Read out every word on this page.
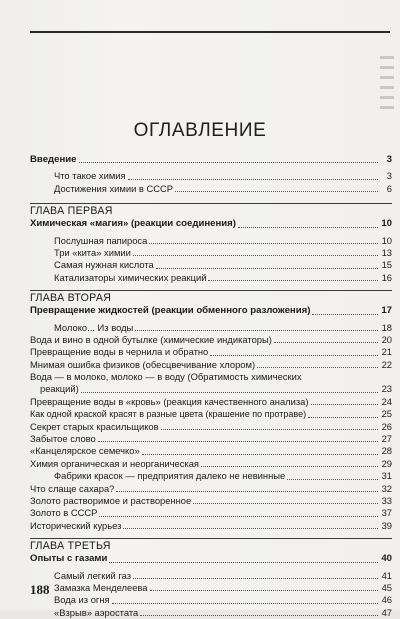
ОГЛАВЛЕНИЕ
Введение	3
Что такое химия	3
Достижения химии в СССР	6
ГЛАВА ПЕРВАЯ
Химическая «магия» (реакции соединения)	10
Послушная папироса	10
Три «кита» химии	13
Самая нужная кислота	15
Катализаторы химических реакций	16
ГЛАВА ВТОРАЯ
Превращение жидкостей (реакции обменного разложения)	17
Молоко... Из воды	18
Вода и вино в одной бутылке (химические индикаторы)	20
Превращение воды в чернила и обратно	21
Мнимая ошибка физиков (обесцвечивание хлором)	22
Вода — в молоко, молоко — в воду (Обратимость химических
реакций)	23
Превращение воды в «кровь» (реакция качественного анализа)	24
Как одной краской красят в разные цвета (крашение по протраве)	25
Секрет старых красильщиков	26
Забытое слово	27
«Канцелярское семечко»	28
Химия органическая и неорганическая	29
Фабрики красок — предприятия далеко не невинные	31
Что слаще сахара?	32
Золото растворимое и растворенное	33
Золото в СССР	37
Исторический курьез	39
ГЛАВА ТРЕТЬЯ
Опыты с газами	40
Самый легкий газ	41
Замазка Менделеева	45
Вода из огня	46
«Взрыв» аэростата	47
188
